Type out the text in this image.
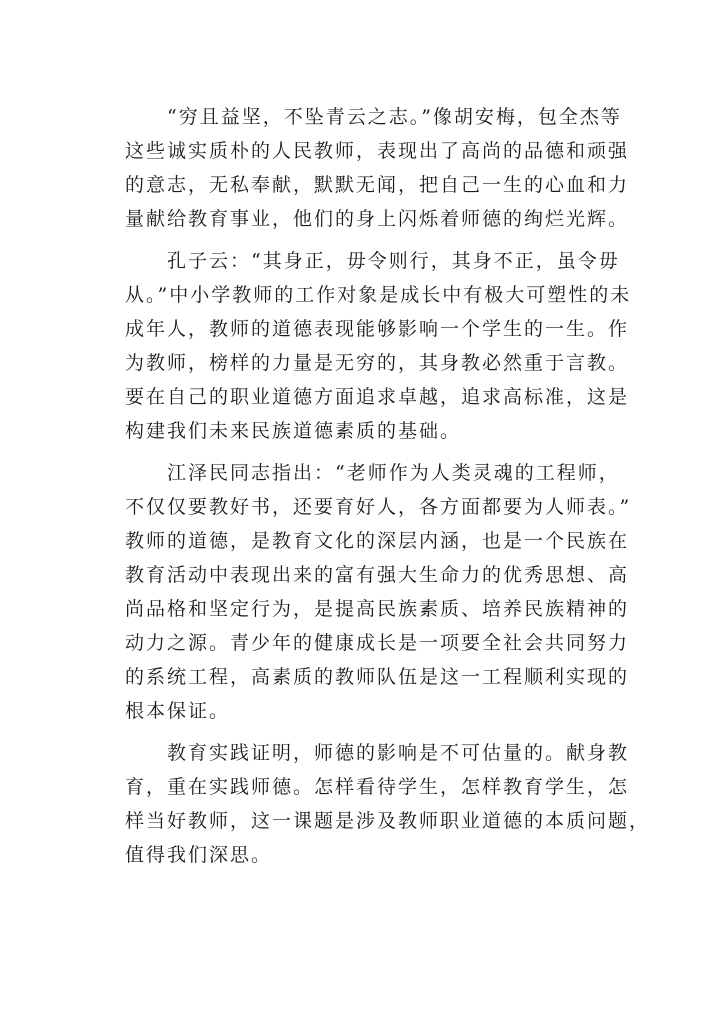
　　“穷且益坚，不坠青云之志。”像胡安梅，包全杰等
这些诚实质朴的人民教师，表现出了高尚的品德和顽强
的意志，无私奉献，默默无闻，把自己一生的心血和力
量献给教育事业，他们的身上闪烁着师德的绚烂光辉。
　　孔子云：“其身正，毋令则行，其身不正，虽令毋
从。”中小学教师的工作对象是成长中有极大可塑性的未
成年人，教师的道德表现能够影响一个学生的一生。作
为教师，榜样的力量是无穷的，其身教必然重于言教。
要在自己的职业道德方面追求卓越，追求高标准，这是
构建我们未来民族道德素质的基础。
　　江泽民同志指出：“老师作为人类灵魂的工程师，
不仅仅要教好书，还要育好人，各方面都要为人师表。”
教师的道德，是教育文化的深层内涵，也是一个民族在
教育活动中表现出来的富有强大生命力的优秀思想、高
尚品格和坚定行为，是提高民族素质、培养民族精神的
动力之源。青少年的健康成长是一项要全社会共同努力
的系统工程，高素质的教师队伍是这一工程顺利实现的
根本保证。
　　教育实践证明，师德的影响是不可估量的。献身教
育，重在实践师德。怎样看待学生，怎样教育学生，怎
样当好教师，这一课题是涉及教师职业道德的本质问题，
值得我们深思。
